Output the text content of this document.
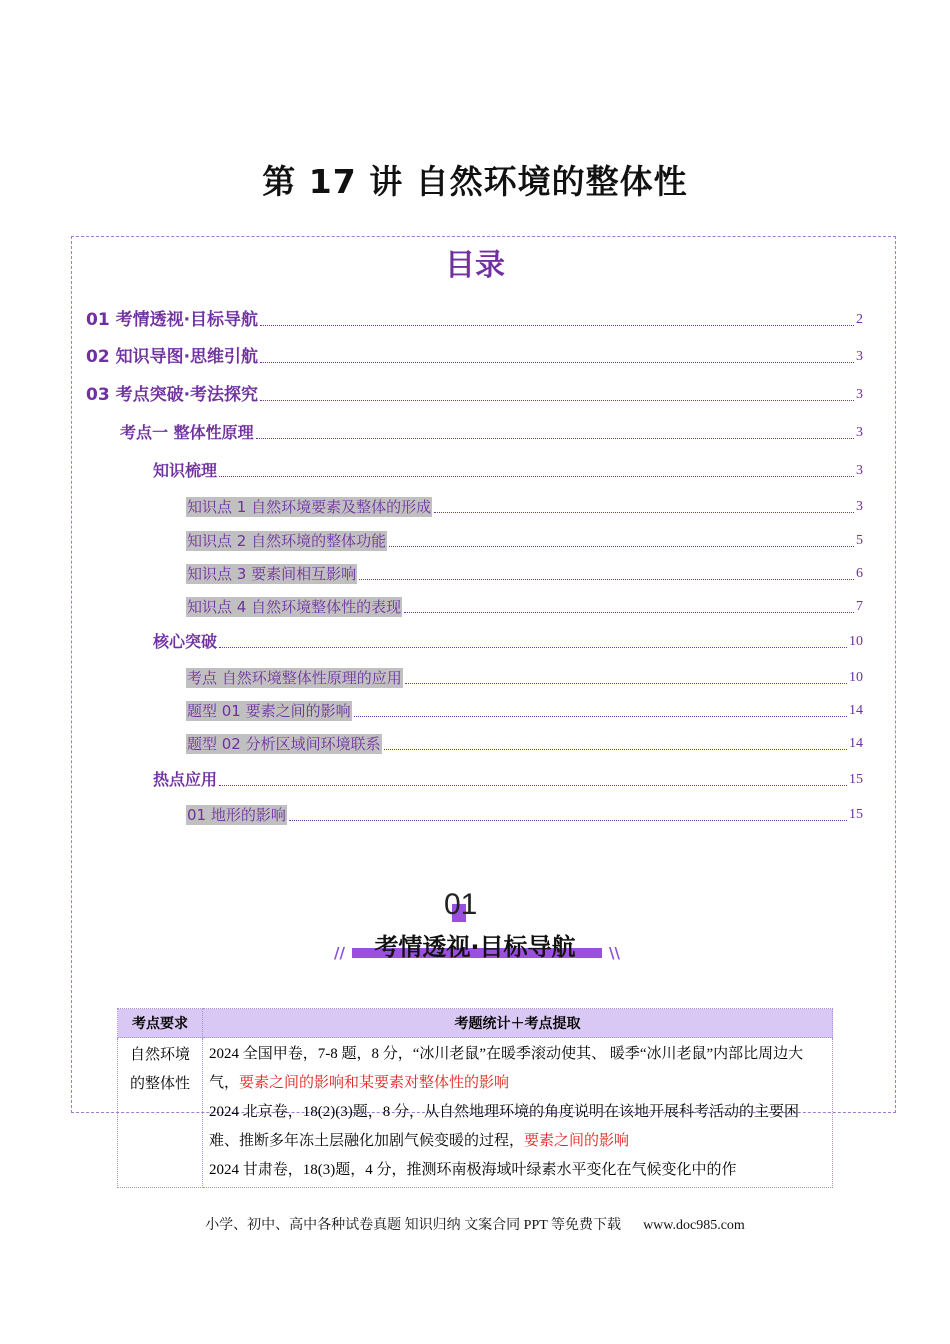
第 17 讲 自然环境的整体性
目录
01 考情透视·目标导航	2
02 知识导图·思维引航	3
03 考点突破·考法探究	3
考点一 整体性原理	3
知识梳理	3
知识点 1 自然环境要素及整体的形成	3
知识点 2 自然环境的整体功能	5
知识点 3 要素间相互影响	6
知识点 4 自然环境整体性的表现	7
核心突破	10
考点 自然环境整体性原理的应用	10
题型 01 要素之间的影响	14
题型 02 分析区域间环境联系	14
热点应用	15
01 地形的影响	15
01
考情透视·目标导航
//	\\
考点要求	考题统计＋考点提取
自然环境的整体性	2024 全国甲卷，7-8 题，8 分，“冰川老鼠”在暖季滚动使其、 暖季“冰川老鼠”内部比周边大气，要素之间的影响和某要素对整体性的影响
2024 北京卷，18(2)(3)题，8 分，从自然地理环境的角度说明在该地开展科考活动的主要困难、推断多年冻土层融化加剧气候变暖的过程，要素之间的影响
2024 甘肃卷，18(3)题，4 分，推测环南极海域叶绿素水平变化在气候变化中的作
小学、初中、高中各种试卷真题 知识归纳 文案合同 PPT 等免费下载 www.doc985.com
